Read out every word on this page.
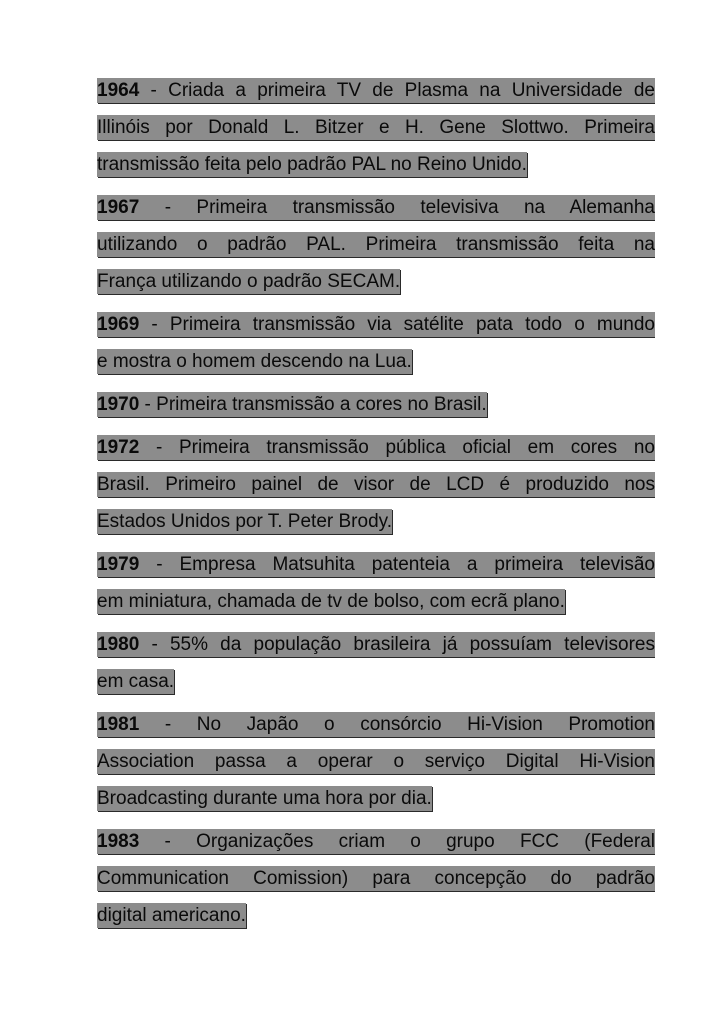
1964 - Criada a primeira TV de Plasma na Universidade de
Illinóis por Donald L. Bitzer e H. Gene Slottwo. Primeira
transmissão feita pelo padrão PAL no Reino Unido.
1967 - Primeira transmissão televisiva na Alemanha
utilizando o padrão PAL. Primeira transmissão feita na
França utilizando o padrão SECAM.
1969 - Primeira transmissão via satélite pata todo o mundo
e mostra o homem descendo na Lua.
1970 - Primeira transmissão a cores no Brasil.
1972 - Primeira transmissão pública oficial em cores no
Brasil. Primeiro painel de visor de LCD é produzido nos
Estados Unidos por T. Peter Brody.
1979 - Empresa Matsuhita patenteia a primeira televisão
em miniatura, chamada de tv de bolso, com ecrã plano.
1980 - 55% da população brasileira já possuíam televisores
em casa.
1981 - No Japão o consórcio Hi-Vision Promotion
Association passa a operar o serviço Digital Hi-Vision
Broadcasting durante uma hora por dia.
1983 - Organizações criam o grupo FCC (Federal
Communication Comission) para concepção do padrão
digital americano.
